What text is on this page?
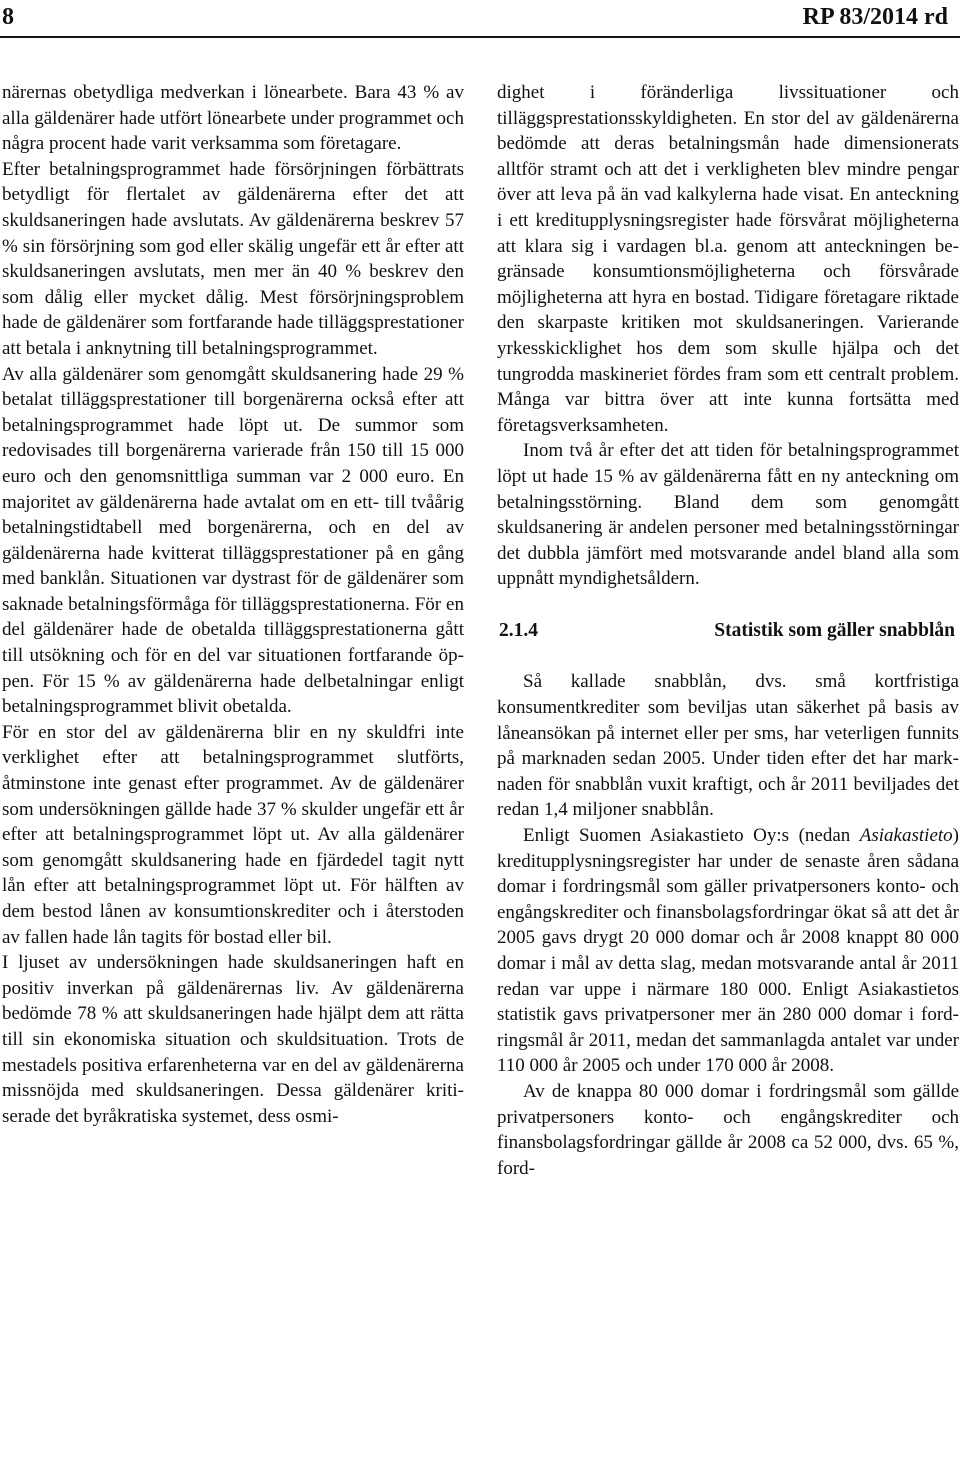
8	RP 83/2014 rd

närernas obetydliga medverkan i lönearbete. Bara 43 % av alla gäldenärer hade utfört lönearbete under programmet och några procent hade varit verksamma som företagare.

Efter betalningsprogrammet hade försörjningen förbättrats betydligt för flertalet av gäldenärerna efter det att skuldsaneringen hade avslutats. Av gäldenärerna beskrev 57 % sin försörjning som god eller skälig ungefär ett år efter att skuldsaneringen avslutats, men mer än 40 % beskrev den som dålig eller mycket dålig. Mest försörjningsproblem hade de gäldenärer som fortfarande hade tilläggsprestationer att betala i anknytning till betalningsprogrammet.

Av alla gäldenärer som genomgått skuldsanering hade 29 % betalat tilläggsprestationer till borgenärerna också efter att betalningsprogrammet hade löpt ut. De summor som redovisades till borgenärerna varierade från 150 till 15 000 euro och den genomsnittliga summan var 2 000 euro. En majoritet av gäldenärerna hade avtalat om en ett- till tvåårig betalningstidtabell med borgenärerna, och en del av gäldenärerna hade kvitterat tilläggsprestationer på en gång med banklån. Situationen var dystrast för de gäldenärer som saknade betalningsförmåga för tilläggsprestationerna. För en del gäldenärer hade de obetalda tilläggsprestationerna gått till utsökning och för en del var situationen fortfarande öppen. För 15 % av gäldenärerna hade delbetalningar enligt betalningsprogrammet blivit obetalda.

För en stor del av gäldenärerna blir en ny skuldfri inte verklighet efter att betalningsprogrammet slutförts, åtminstone inte genast efter programmet. Av de gäldenärer som undersökningen gällde hade 37 % skulder ungefär ett år efter att betalningsprogrammet löpt ut. Av alla gäldenärer som genomgått skuldsanering hade en fjärdedel tagit nytt lån efter att betalningsprogrammet löpt ut. För hälften av dem bestod lånen av konsumtionskrediter och i återstoden av fallen hade lån tagits för bostad eller bil.

I ljuset av undersökningen hade skuldsaneringen haft en positiv inverkan på gäldenärernas liv. Av gäldenärerna bedömde 78 % att skuldsaneringen hade hjälpt dem att rätta till sin ekonomiska situation och skuldsituation. Trots de mestadels positiva erfarenheterna var en del av gäldenärerna missnöjda med skuldsaneringen. Dessa gäldenärer kritiserade det byråkratiska systemet, dess osmi-

dighet i föränderliga livssituationer och tilläggsprestationsskyldigheten. En stor del av gäldenärerna bedömde att deras betalningsmån hade dimensionerats alltför stramt och att det i verkligheten blev mindre pengar över att leva på än vad kalkylerna hade visat. En anteckning i ett kreditupplysningsregister hade försvårat möjligheterna att klara sig i vardagen bl.a. genom att anteckningen begränsade konsumtionsmöjligheterna och försvårade möjligheterna att hyra en bostad. Tidigare företagare riktade den skarpaste kritiken mot skuldsaneringen. Varierande yrkesskicklighet hos dem som skulle hjälpa och det tungrodda maskineriet fördes fram som ett centralt problem. Många var bittra över att inte kunna fortsätta med företagsverksamheten.

Inom två år efter det att tiden för betalningsprogrammet löpt ut hade 15 % av gäldenärerna fått en ny anteckning om betalningsstörning. Bland dem som genomgått skuldsanering är andelen personer med betalningsstörningar det dubbla jämfört med motsvarande andel bland alla som uppnått myndighetsåldern.

2.1.4	Statistik som gäller snabblån

Så kallade snabblån, dvs. små kortfristiga konsumentkrediter som beviljas utan säkerhet på basis av låneansökan på internet eller per sms, har veterligen funnits på marknaden sedan 2005. Under tiden efter det har marknaden för snabblån vuxit kraftigt, och år 2011 beviljades det redan 1,4 miljoner snabblån.

Enligt Suomen Asiakastieto Oy:s (nedan Asiakastieto) kreditupplysningsregister har under de senaste åren sådana domar i fordringsmål som gäller privatpersoners konto- och engångskrediter och finansbolagsfordringar ökat så att det år 2005 gavs drygt 20 000 domar och år 2008 knappt 80 000 domar i mål av detta slag, medan motsvarande antal år 2011 redan var uppe i närmare 180 000. Enligt Asiakastietos statistik gavs privatpersoner mer än 280 000 domar i fordringsmål år 2011, medan det sammanlagda antalet var under 110 000 år 2005 och under 170 000 år 2008.

Av de knappa 80 000 domar i fordringsmål som gällde privatpersoners konto- och engångskrediter och finansbolagsfordringar gällde år 2008 ca 52 000, dvs. 65 %, ford-
